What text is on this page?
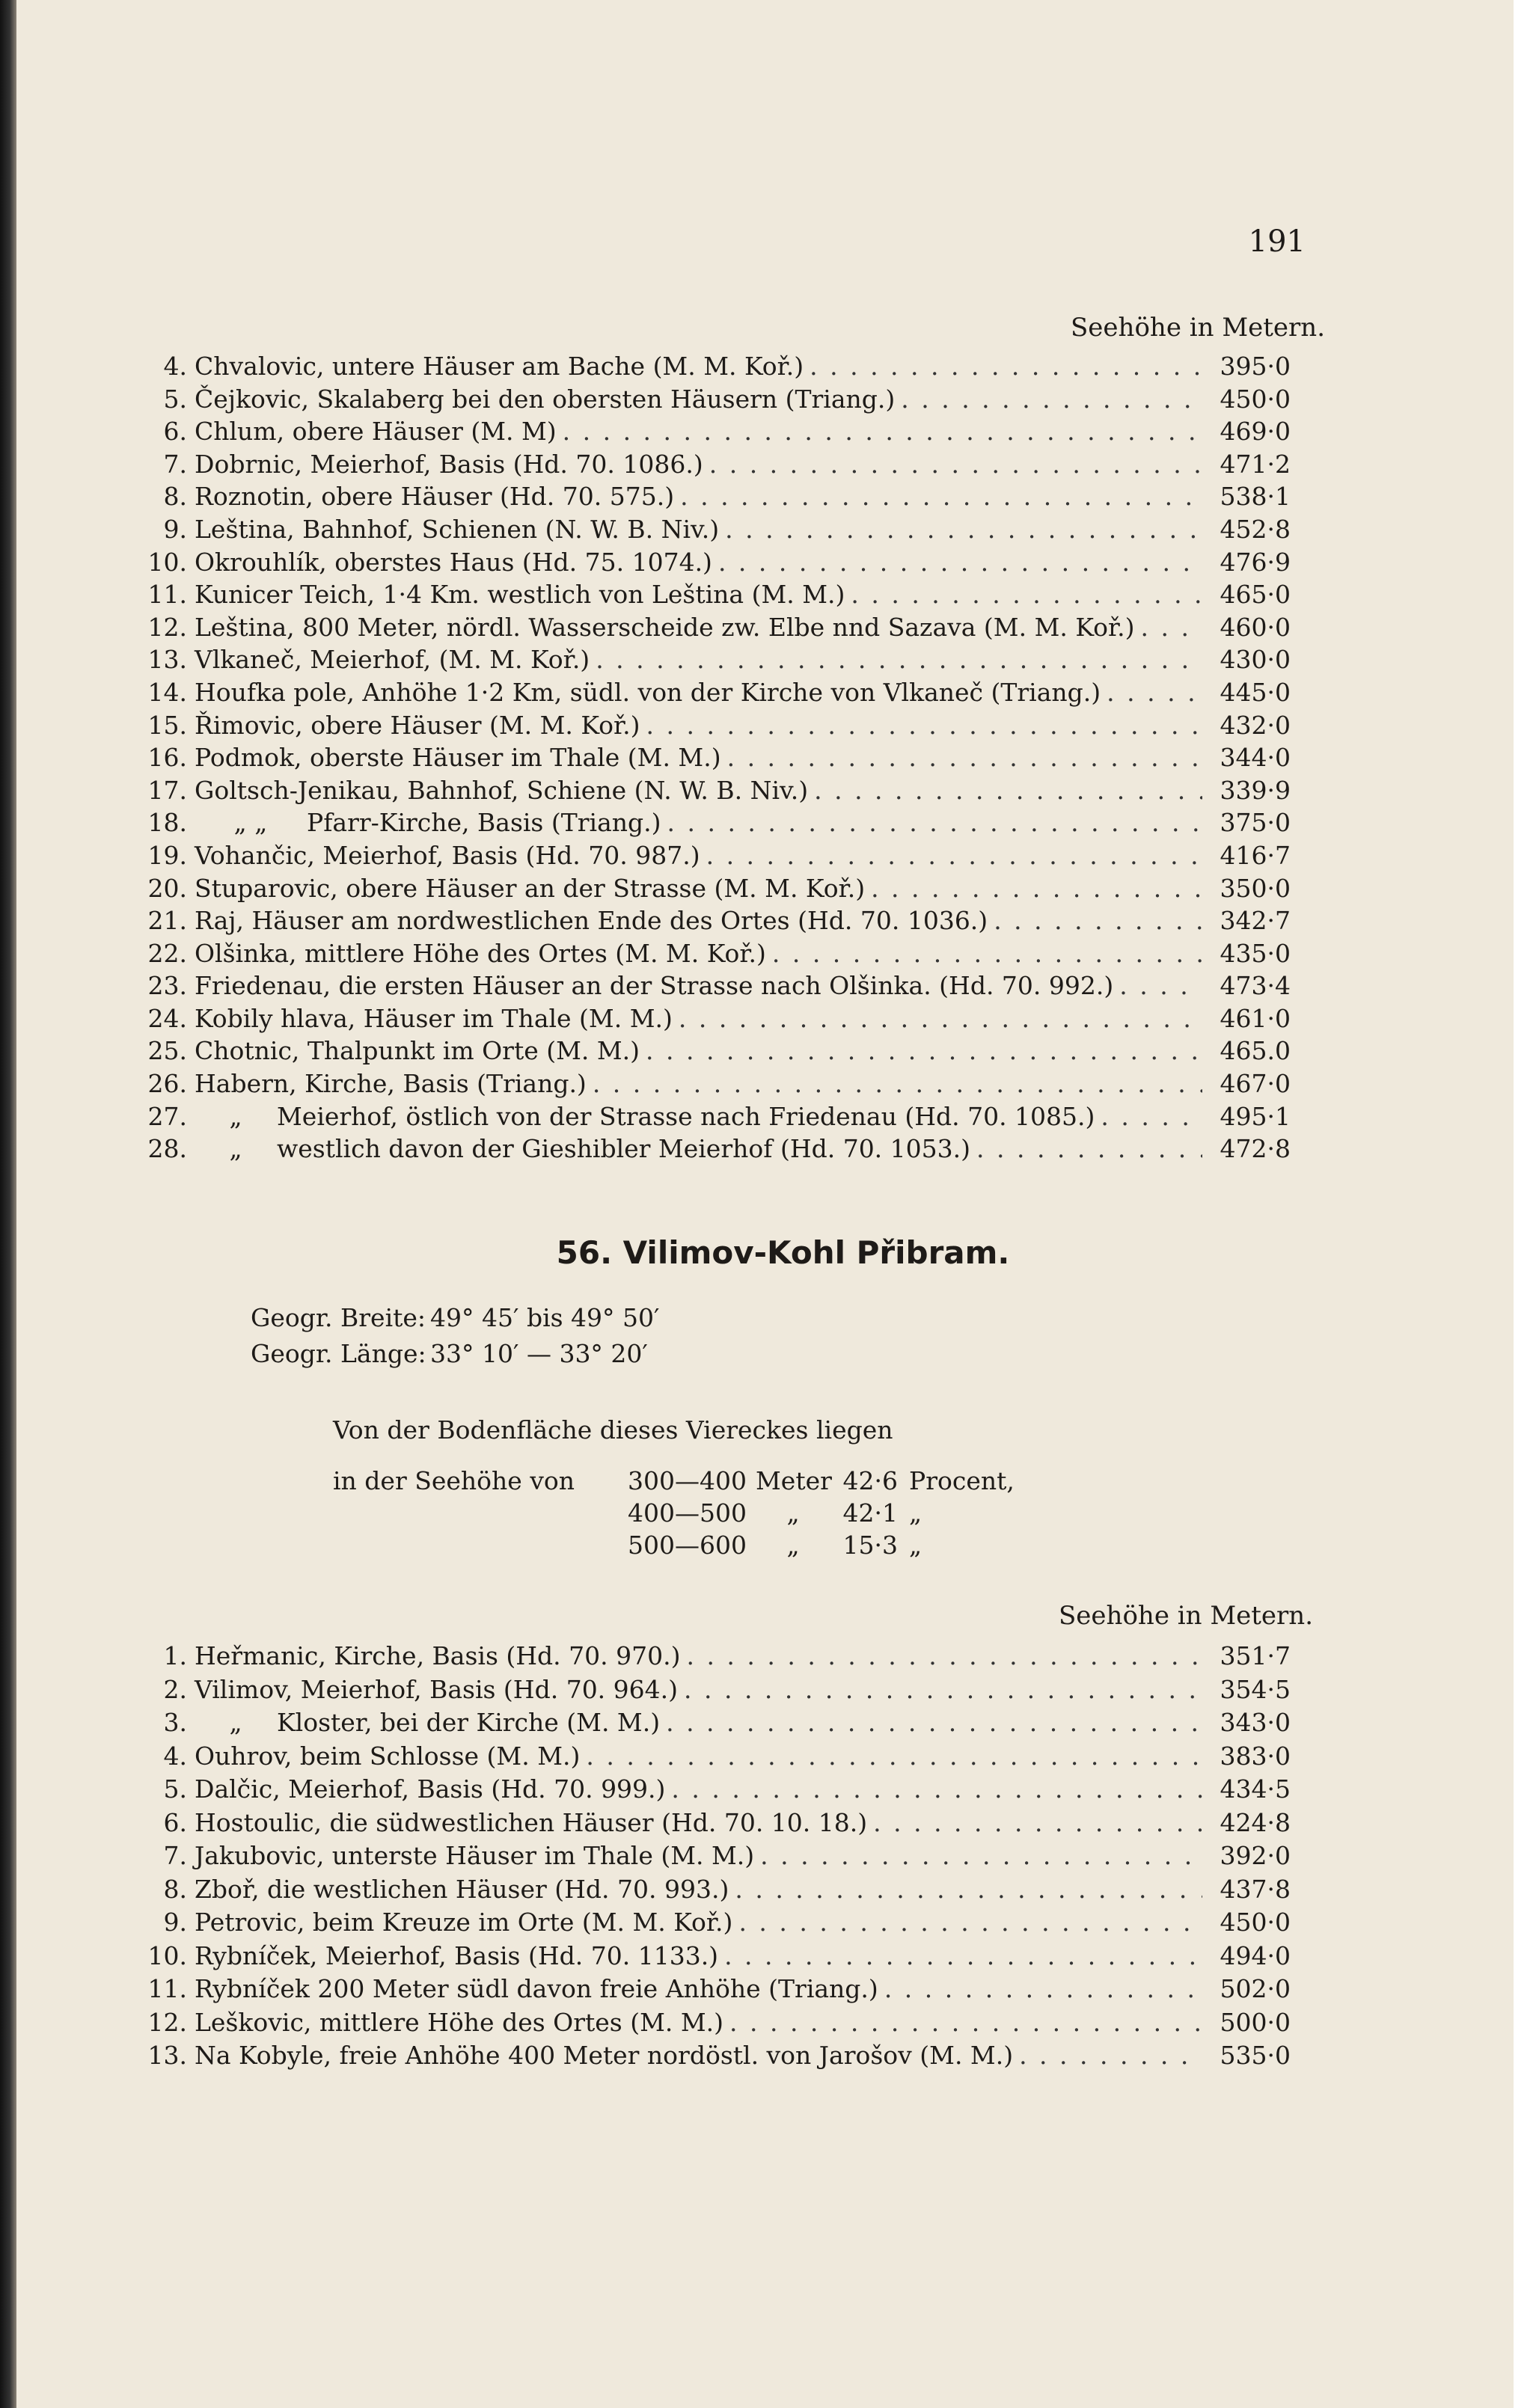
191
Seehöhe in Metern.
4. Chvalovic, untere Häuser am Bache (M. M. Koř.) . . .	395·0
5. Čejkovic, Skalaberg bei den obersten Häusern (Triang.) . . .	450·0
6. Chlum, obere Häuser (M. M) . . .	469·0
7. Dobrnic, Meierhof, Basis (Hd. 70. 1086.) . . .	471·2
8. Roznotin, obere Häuser (Hd. 70. 575.) . . .	538·1
9. Leština, Bahnhof, Schienen (N. W. B. Niv.) . . .	452·8
10. Okrouhlík, oberstes Haus (Hd. 75. 1074.) . . .	476·9
11. Kunicer Teich, 1·4 Km. westlich von Leština (M. M.) . . .	465·0
12. Leština, 800 Meter, nördl. Wasserscheide zw. Elbe nnd Sazava (M. M. Koř.) . . .	460·0
13. Vlkaneč, Meierhof, (M. M. Koř.) . . .	430·0
14. Houfka pole, Anhöhe 1·2 Km, südl. von der Kirche von Vlkaneč (Triang.) . . .	445·0
15. Řimovic, obere Häuser (M. M. Koř.) . . .	432·0
16. Podmok, oberste Häuser im Thale (M. M.) . . .	344·0
17. Goltsch-Jenikau, Bahnhof, Schiene (N. W. B. Niv.) . . .	339·9
18.	„ „ Pfarr-Kirche, Basis (Triang.) . . .	375·0
19. Vohančic, Meierhof, Basis (Hd. 70. 987.) . . .	416·7
20. Stuparovic, obere Häuser an der Strasse (M. M. Koř.) . . .	350·0
21. Raj, Häuser am nordwestlichen Ende des Ortes (Hd. 70. 1036.) . . .	342·7
22. Olšinka, mittlere Höhe des Ortes (M. M. Koř.) . . .	435·0
23. Friedenau, die ersten Häuser an der Strasse nach Olšinka. (Hd. 70. 992.) . . .	473·4
24. Kobily hlava, Häuser im Thale (M. M.) . . .	461·0
25. Chotnic, Thalpunkt im Orte (M. M.) . . .	465.0
26. Habern, Kirche, Basis (Triang.) . . .	467·0
27.	„ Meierhof, östlich von der Strasse nach Friedenau (Hd. 70. 1085.) . . .	495·1
28.	„ westlich davon der Gieshibler Meierhof (Hd. 70. 1053.) . . .	472·8
56. Vilimov-Kohl Přibram.
Geogr. Breite: 49° 45′ bis 49° 50′
Geogr. Länge: 33° 10′ — 33° 20′
Von der Bodenfläche dieses Viereckes liegen
in der Seehöhe von	300—400 Meter 42·6 Procent,
400—500	„	42·1 „
500—600	„	15·3 „
Seehöhe in Metern.
1. Heřmanic, Kirche, Basis (Hd. 70. 970.) . . .	351·7
2. Vilimov, Meierhof, Basis (Hd. 70. 964.) . . .	354·5
3.	„ Kloster, bei der Kirche (M. M.) . . .	343·0
4. Ouhrov, beim Schlosse (M. M.) . . .	383·0
5. Dalčic, Meierhof, Basis (Hd. 70. 999.) . . .	434·5
6. Hostoulic, die südwestlichen Häuser (Hd. 70. 10. 18.) . . .	424·8
7. Jakubovic, unterste Häuser im Thale (M. M.) . . .	392·0
8. Zboř, die westlichen Häuser (Hd. 70. 993.) . . .	437·8
9. Petrovic, beim Kreuze im Orte (M. M. Koř.) . . .	450·0
10. Rybníček, Meierhof, Basis (Hd. 70. 1133.) . . .	494·0
11. Rybníček 200 Meter südl davon freie Anhöhe (Triang.) . . .	502·0
12. Leškovic, mittlere Höhe des Ortes (M. M.) . . .	500·0
13. Na Kobyle, freie Anhöhe 400 Meter nordöstl. von Jarošov (M. M.) . . .	535·0
